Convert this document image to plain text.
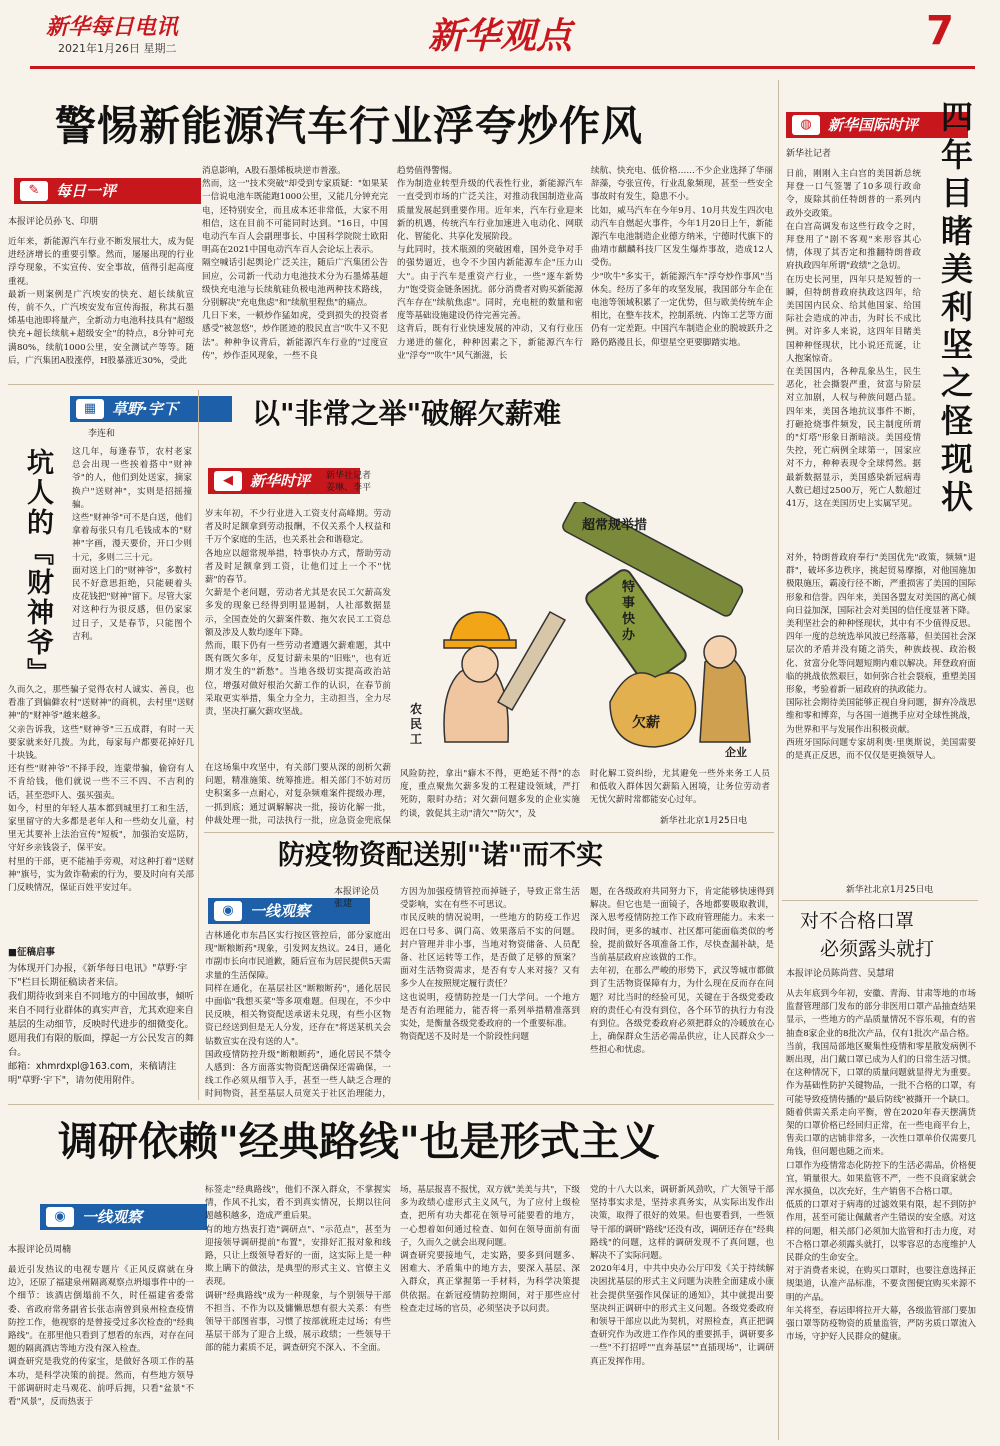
新华每日电讯
2021年1月26日 星期二	新华观点	7
警惕新能源汽车行业浮夸炒作风
✎	每日一评
本报评论员孙飞、印朋
近年来，新能源汽车行业不断发展壮大，成为促进经济增长的重要引擎。然而，屡屡出现的行业浮夸现象，不实宣传、安全事故，值得引起高度重视。
最新一则案例是广汽埃安的快充、超长续航宣传，前不久，广汽埃安发布宣传海报，称其石墨烯基电池即将量产，全新动力电池科技具有"超级快充+超长续航+超级安全"的特点，8分钟可充满80%，续航1000公里，安全测试产等等。随后，广汽集团A股涨停，H股暴涨近30%，受此
消息影响，A股石墨烯板块逆市普涨。
然而，这一"技术突破"却受到专家质疑："如果某一信说电池车既能跑1000公里，又能几分钟充完电，还特别安全，而且成本还非常低，大家不用相信，这在目前不可能同时达到。"16日，中国电动汽车百人会副理事长、中国科学院院士欧阳明高在2021中国电动汽车百人会论坛上表示。
隔空喊话引起舆论广泛关注，随后广汽集团公告回应，公司新一代动力电池技术分为石墨烯基超级快充电池与长续航硅负极电池两种技术路线，分别解决"充电焦虑"和"续航里程焦"的痛点。
几日下来，一顿炒作猛如虎，受到损失的投资者感受"被忽悠"，炒作匿迹的股民直言"吹牛又不犯法"。种种争议背后，新能源汽车行业的"过度宣传"，炒作歪风现象，一些不良
趋势值得警惕。
作为制造业转型升级的代表性行业，新能源汽车一直受到市场的广泛关注，对推动我国制造业高质量发展起到重要作用。近年来，汽车行业迎来新的机遇，传统汽车行业加速进入电动化、网联化、智能化、共享化发展阶段。
与此同时，技术瓶颈的突破困难，国外竞争对手的强势逼近，也令不少国内新能源车企"压力山大"。由于汽车是重资产行业，一些"逐车新势力"饱受资金链条困扰。部分消费者对购买新能源汽车存在"续航焦虑"。同时，充电桩的数量和密度等基础设施建设仍待完善完善。
这背后，既有行业快速发展的冲动，又有行业压力递进的催化，种种因素之下，新能源汽车行业"浮夸""吹牛"风气渐滋，长
续航、快充电、低价格……不少企业选择了华丽辞藻，夸张宣传，行业乱象频现，甚至一些安全事故时有发生，隐患不小。
比如，威马汽车在今年9月、10月共发生四次电动汽车自燃起火事件，今年1月20日上午，新能源汽车电池制造企业德方纳米，宁德时代旗下的曲靖市麒麟科技厂区发生爆炸事故，造成12人受伤。
少"吹牛"多实干，新能源汽车"浮夸炒作事风"当休矣。经历了多年的攻坚发展，我国部分车企在电池等领域积累了一定优势，但与欧美传统车企相比，在整车技术，控制系统、内饰工艺等方面仍有一定差距。中国汽车制造企业的脱坡跃升之路仍路漫且长，仰望星空更要脚踏实地。
▦	草野·宇下
李连和
坑人的『财神爷』	这几年，每逢春节，农村老家总会出现一些挨着搭中"财神爷"的人，他们到处送家，摘家换户"送财神"，实则是招摇撞骗。
这些"财神爷"可不是白送，他们拿着每张只有几毛钱成本的"财神"字画，漫天要价，开口少则十元，多则二三十元。
面对送上门的"财神爷"，多数村民不好意思拒绝，只能硬着头皮花钱把"财神"留下。尽管大家对这种行为很反感，但仍家家过日子，又是春节，只能图个吉利。
久而久之，那些骗子觉得农村人诚实、善良，也看准了到偏僻农村"送财神"的商机，去村里"送财神"的"财神爷"越来越多。
父亲告诉我，这些"财神爷"三五成群，有时一天要家就来好几拨。为此，每家每户都要花掉好几十块钱。
还有些"财神爷"不择手段，连蒙带骗，偷窃有人不肯给钱，他们就说一些不三不四、不吉利的话，甚至恐吓人、强买强卖。
如今，村里的年轻人基本都到城里打工和生活，家里留守的大多都是老年人和一些幼女儿童，村里无其要补上法治宣传"短板"，加强治安巡防，守好乡亲钱袋子，保平安。
村里的干部，更不能袖手旁观，对这种打着"送财神"旗号，实为敛诈勒索的行为，要及时向有关部门反映情况，保证百姓平安过年。
■征稿启事
为体现开门办报，《新华每日电讯》"草野·宇下"栏目长期征稿读者来信。
我们期待收到来自不同地方的中国故事，倾听来自不同行业群体的真实声音，尤其欢迎来自基层的生动细节，反映时代进步的细微变化。愿用我们有限的版面，撑起一方公民发言的舞台。
邮箱：xhmrdxpl@163.com，来稿请注明"草野·宇下"，请勿使用附件。
以"非常之举"破解欠薪难
◀	新华时评	新华社记者
姜琳、李平
岁末年初，不少行业进入工资支付高峰期。劳动者及时足额拿到劳动报酬，不仅关系个人权益和千万个家庭的生活，也关系社会和谐稳定。
各地应以超常规举措，特事快办方式，帮助劳动者及时足额拿到工资，让他们过上一个不"忧薪"的春节。
欠薪是个老问题，劳动者尤其是农民工欠薪高发多发的现象已经得到明显遏制，人社部数据显示，全国查处的欠薪案件数、拖欠农民工工资总额及涉及人数均逐年下降。
然而，眼下仍有一些劳动者遭遇欠薪难题，其中既有既欠多年，反复讨薪未果的"旧账"，也有近期才发生的"新愁"。当地各级切实提高政治站位，增强对做好根治欠薪工作的认识，在春节前采取更实举措，集全力全力，主动担当，全力尽责，坚决打赢欠薪攻坚战。
在这场集中攻坚中，有关部门要从深的剖析欠薪问题，精准施策、统筹推进。相关部门不妨对历史积案多一点耐心，对复杂频难案件提级办理，一抓到底；通过调解解决一批，接访化解一批，仲裁处理一批，司法执行一批，应急资金兜底保

超常规举措
特事快办
农民工
欠薪
企业
风险防控，拿出"癖木不得，更绝延不得"的态度，重点聚焦欠薪多发的工程建设领域，严打死防，限时办结；对欠薪问题多发的企业实施约谈，敦促其主动"清欠""防欠"，及
时化解工资纠纷，尤其避免一些外来务工人员和低收入群体因欠薪陷入困境，让务位劳动者无忧欠薪时常都能安心过年。
新华社北京1月25日电
防疫物资配送别"诺"而不实
◉	一线观察
本报评论员
张建
吉林通化市东昌区实行按区管控后，部分家庭出现"断粮断药"现象，引发网友热议。24日，通化市副市长向市民道歉，随后宣布为居民提供5天需求量的生活保障。
同样在通化，在基层社区"断粮断药"，通化居民中面临"我想买菜"等多项难题。但现在，不少中民反映，相关物资配送承诺未兑现，有些小区物资已经送到但是无人分发，还存在"将送某机关会钻数宣实在没有送的人"。
国政疫情防控升级"断粮断药"，通化居民不禁令人感到：各方面落实物资配送确保还需确保，一线工作必须从细节入手，甚至一些人缺乏合理的时间物资，甚至基层人员宽关于社区治理能力，
方因为加强疫情管控而掉链子，导致正常生活受影响，实在有些不可思议。
市民反映的情况说明，一些地方的防疫工作迟迟在口号多、调门高、效果落后不实的问题。封户管理并非小事，当地对物资储备、人员配备、社区运转等工作，是否做了足够的预案？面对生活物资需求，是否有专人来对接？又有多少人在按照规定履行责任？
这也说明，疫情防控是一门大学问。一个地方是否有治理能力，能否将一系列举措精准落到实处，是衡量各级党委政府的一个重要标准。
物资配送不及时是一个阶段性问题
题，在各级政府共同努力下，肯定能够快速得到解决。但它也是一面镜子，各地都要吸取教训，深入思考疫情防控工作下政府管理能力。未来一段时间，更多的城市、社区都可能面临类似的考验，提前做好各项准备工作，尽快查漏补缺，是当前基层政府应该做的工作。
去年初，在那么严峻的形势下，武汉等城市都做到了生活物资保障有力，为什么现在反而存在问题？对比当时的经验可见，关键在于各级党委政府的责任心有没有到位，各个环节的执行力有没有到位。各级党委政府必须把群众的冷暖放在心上，确保群众生活必需品供应，让人民群众少一些担心和忧虑。
调研依赖"经典路线"也是形式主义
◉	一线观察
本报评论员周楠
最近引发热议的电视专题片《正风反腐就在身边》，还原了福建泉州隔离观察点坍塌事件中的一个细节：该酒店倒塌前不久，时任福建省委常委、省政府常务副省长张志南曾到泉州检查疫情防控工作，他视察的是曾接受过多次检查的"经典路线"。在那里他只看到了想看的东西，对存在问题的隔离酒店等地方没有深入检查。
调查研究是我党的传家宝，是做好各项工作的基本功，是科学决策的前提。然而，有些地方领导干部调研时走马观花、前呼后拥，只看"盆景"不看"风景"，反而热衷于
标签走"经典路线"，他们不深入群众，不掌握实情，作风不扎实，看不到真实情况，长期以往问题越积越多，造成严重后果。
有的地方热衷打造"调研点"、"示范点"，甚至为迎接领导调研提前"布置"，安排好汇报对象和线路，只让上级领导看好的一面，这实际上是一种欺上瞒下的做法，是典型的形式主义、官僚主义表现。
调研"经典路线"成为一种现象，与个别领导干部不担当、不作为以及慵懒思想有很大关系：有些领导干部图省事，习惯了按部就班走过场；有些基层干部为了迎合上级，展示政绩；一些领导干部的能力素质不足，调查研究不深入、不全面。
场，基层报喜不报忧，双方就"美美与共"，下级多为政绩心虚形式主义风气，为了应付上级检查，把所有功夫都花在领导可能要看的地方，一心想着如何通过检查、如何在领导面前有面子，久而久之就会出现问题。
调查研究要接地气，走实路，要多到问题多、困难大、矛盾集中的地方去，要深入基层、深入群众，真正掌握第一手材料，为科学决策提供依据。在新冠疫情防控期间，对于那些应付检查走过场的官员，必须坚决予以问责。
党的十八大以来，调研新风劲吹，广大领导干部坚持事实求是，坚持求真务实，从实际出发作出决策，取得了很好的效果。但也要看到，一些领导干部的调研"路线"还没有改，调研还存在"经典路线"的问题，这样的调研发现不了真问题，也解决不了实际问题。
2020年4月，中共中央办公厅印发《关于持续解决困扰基层的形式主义问题为决胜全面建成小康社会提供坚强作风保证的通知》，其中就提出要坚决纠正调研中的形式主义问题。各级党委政府和领导干部应以此为契机，对照检查，真正把调查研究作为改进工作作风的重要抓手，调研要多一些"不打招呼""直奔基层""直插现场"，让调研真正发挥作用。
◍	新华国际时评
新华社记者	四年目睹美利坚之怪现状
日前，刚刚入主白宫的美国新总统拜登一口气签署了10多项行政命令，废除其前任特朗普的一系列内政外交政策。
在白宫高调发布这些行政令之时，拜登用了"剧不客观"来形容其心情，体现了其否定和推翻特朗普政府执政四年所谓"政绩"之急切。
在历史长河里，四年只是短暂的一瞬，但特朗普政府执政这四年，给美国国内民众、给其他国家、给国际社会造成的冲击，为时长不成比例。对许多人来说，这四年目睹美国种种怪现状，比小说还荒诞，让人抱案惊奇。
在美国国内，各种乱象丛生，民生恶化，社会撕裂严重，贫富与阶层对立加剧，人权与种族问题凸显。四年来，美国各地抗议事件不断，打砸抢烧事件频发，民主制度所谓的"灯塔"形象日渐暗淡。美国疫情失控，死亡病例全球第一，国家应对不力，种种表现令全球愕然。据最新数据显示，美国感染新冠病毒人数已超过2500万，死亡人数超过41万，这在美国历史上实属罕见。
对外，特朗普政府奉行"美国优先"政策，频频"退群"，破坏多边秩序，挑起贸易摩擦，对他国施加极限施压，霸凌行径不断，严重损害了美国的国际形象和信誉。四年来，美国各盟友对美国的离心倾向日益加深，国际社会对美国的信任度显著下降。
美利坚社会的种种怪现状，其中有不少值得反思。四年一度的总统选举风波已经落幕，但美国社会深层次的矛盾并没有随之消失，种族歧视、政治极化、贫富分化等问题短期内难以解决。拜登政府面临的挑战依然艰巨，如何弥合社会裂痕，重塑美国形象，考验着新一届政府的执政能力。
国际社会期待美国能够正视自身问题，摒弃冷战思维和零和博弈，与各国一道携手应对全球性挑战，为世界和平与发展作出积极贡献。
西班牙国际问题专家胡利奥·里奥斯说，美国需要的是真正反思，而不仅仅是更换领导人。
新华社北京1月25日电
对不合格口罩
必须露头就打
本报评论员陈尚营、吴慧珺
从去年底到今年初，安徽、青海、甘肃等地的市场监督管理部门发布的部分非医用口罩产品抽查结果显示，一些地方的产品质量情况不容乐观，有的省抽查8家企业的8批次产品，仅有1批次产品合格。
当前，我国局部地区聚集性疫情和零星散发病例不断出现，出门戴口罩已成为人们的日常生活习惯。在这种情况下，口罩的质量问题就显得尤为重要。作为基础性防护关键物品，一批不合格的口罩，有可能导致疫情传播的"最后防线"被撕开一个缺口。
随着供需关系走向平衡，曾在2020年春天摆满货架的口罩价格已经回归正常，在一些电商平台上，售卖口罩的店铺非常多，一次性口罩单价仅需要几角钱，但问题也随之而来。
口罩作为疫情常态化防控下的生活必需品，价格便宜，销量很大。如果监管不严，一些不良商家就会浑水摸鱼，以次充好，生产销售不合格口罩。
低质的口罩对于病毒的过滤效果有限，起不到防护作用，甚至可能让佩戴者产生错误的安全感。对这样的问题，相关部门必须加大监管和打击力度，对不合格口罩必须露头就打，以零容忍的态度维护人民群众的生命安全。
对于消费者来说，在购买口罩时，也要注意选择正规渠道，认准产品标准，不要贪图便宜购买来源不明的产品。
年关将至，春运即将拉开大幕，各级监管部门要加强口罩等防疫物资的质量监管，严防劣质口罩流入市场，守护好人民群众的健康。
